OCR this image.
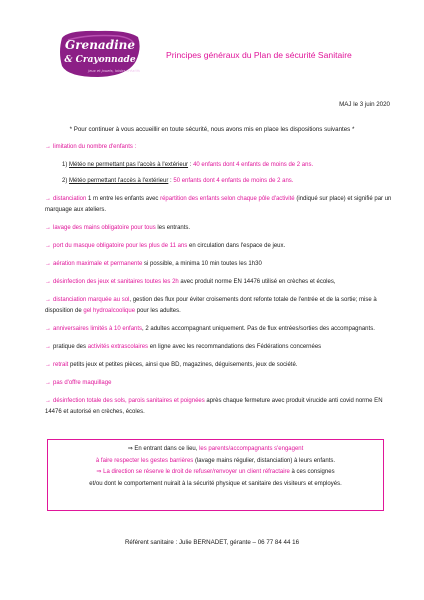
Grenadine
& Crayonnade
jeux et jouets, loisirs créatifs
Principes généraux du Plan de sécurité Sanitaire
MAJ le 3 juin 2020
* Pour continuer à vous accueillir en toute sécurité, nous avons mis en place les dispositions suivantes *
→ limitation du nombre d'enfants :
1) Météo ne permettant pas l'accès à l'extérieur : 40 enfants dont 4 enfants de moins de 2 ans.
2) Météo permettant l'accès à l'extérieur : 50 enfants dont 4 enfants de moins de 2 ans.
→ distanciation 1 m entre les enfants avec répartition des enfants selon chaque pôle d'activité (indiqué sur place) et signifié par un marquage aux ateliers.
→ lavage des mains obligatoire pour tous les entrants.
→ port du masque obligatoire pour les plus de 11 ans en circulation dans l'espace de jeux.
→ aération maximale et permanente si possible, a minima 10 min toutes les 1h30
→ désinfection des jeux et sanitaires toutes les 2h avec produit norme EN 14476 utilisé en crèches et écoles,
→ distanciation marquée au sol, gestion des flux pour éviter croisements dont refonte totale de l'entrée et de la sortie; mise à disposition de gel hydroalcoolique pour les adultes.
→ anniversaires limités à 10 enfants, 2 adultes accompagnant uniquement. Pas de flux entrées/sorties des accompagnants.
→ pratique des activités extrascolaires en ligne avec les recommandations des Fédérations concernées
→ retrait petits jeux et petites pièces, ainsi que BD, magazines, déguisements, jeux de société.
→ pas d'offre maquillage
→ désinfection totale des sols, parois sanitaires et poignées après chaque fermeture avec produit virucide anti covid norme EN 14476 et autorisé en crèches, écoles.
⇒ En entrant dans ce lieu, les parents/accompagnants s'engagent
à faire respecter les gestes barrières (lavage mains régulier, distanciation) à leurs enfants.
⇒ La direction se réserve le droit de refuser/renvoyer un client réfractaire à ces consignes
et/ou dont le comportement nuirait à la sécurité physique et sanitaire des visiteurs et employés.
Référent sanitaire : Julie BERNADET, gérante – 06 77 84 44 16
